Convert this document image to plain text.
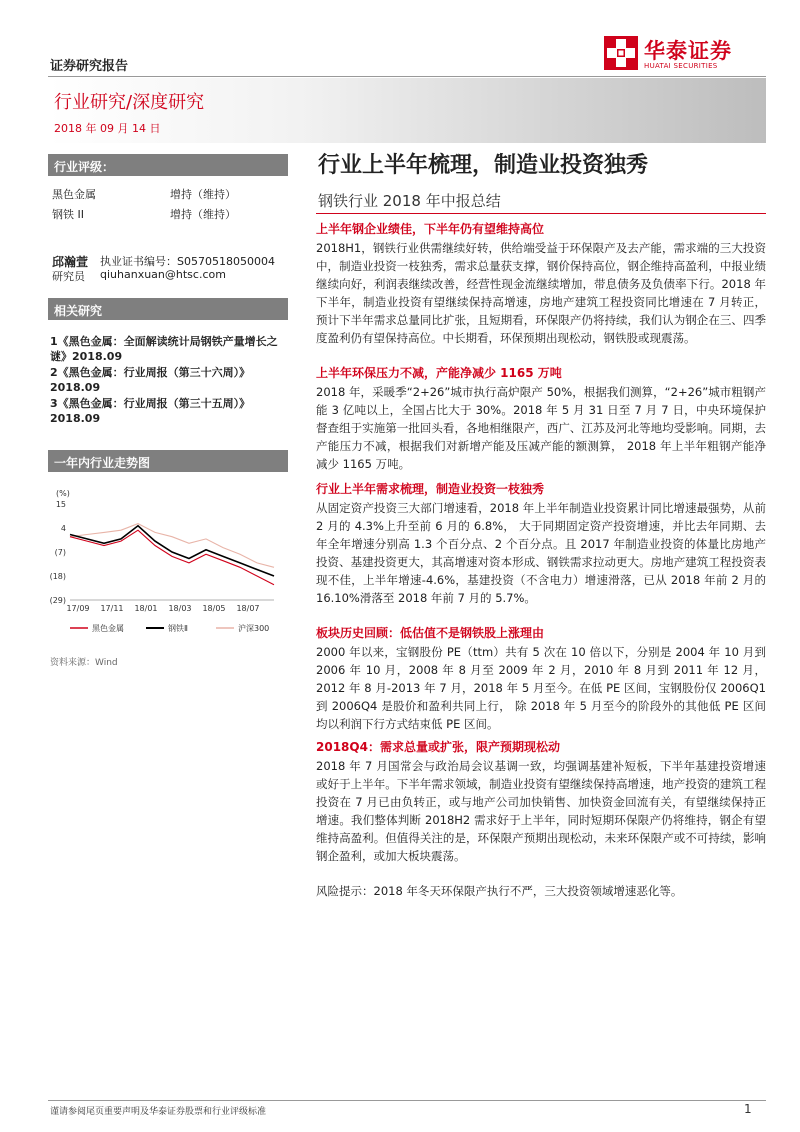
证券研究报告
华泰证券
HUATAI SECURITIES
行业研究/深度研究
2018 年 09 月 14 日
行业评级：
黑色金属	增持（维持）
钢铁 II	增持（维持）
邱瀚萱 执业证书编号：S0570518050004
研究员 qiuhanxuan@htsc.com
相关研究
1《黑色金属：全面解读统计局钢铁产量增长之谜》2018.09
2《黑色金属：行业周报（第三十六周）》2018.09
3《黑色金属：行业周报（第三十五周）》2018.09
一年内行业走势图
(%)
15
4
(7)
(18)
(29)
17/09 17/11 18/01 18/03 18/05 18/07
黑色金属	钢铁Ⅱ	沪深300
资料来源：Wind
行业上半年梳理，制造业投资独秀
钢铁行业 2018 年中报总结
上半年钢企业绩佳，下半年仍有望维持高位

2018H1，钢铁行业供需继续好转，供给端受益于环保限产及去产能，需求端的三大投资中，制造业投资一枝独秀，需求总量获支撑，钢价保持高位，钢企维持高盈利，中报业绩继续向好，利润表继续改善，经营性现金流继续增加，带息债务及负债率下行。2018 年下半年，制造业投资有望继续保持高增速，房地产建筑工程投资同比增速在 7 月转正，预计下半年需求总量同比扩张，且短期看，环保限产仍将持续，我们认为钢企在三、四季度盈利仍有望保持高位。中长期看，环保预期出现松动，钢铁股或现震荡。

上半年环保压力不减，产能净减少 1165 万吨

2018 年，采暖季“2+26”城市执行高炉限产 50%，根据我们测算，“2+26”城市粗钢产能 3 亿吨以上，全国占比大于 30%。2018 年 5 月 31 日至 7 月 7 日，中央环境保护督查组于实施第一批回头看，各地相继限产，西广、江苏及河北等地均受影响。同期，去产能压力不减，根据我们对新增产能及压减产能的额测算， 2018 年上半年粗钢产能净减少 1165 万吨。

行业上半年需求梳理，制造业投资一枝独秀

从固定资产投资三大部门增速看，2018 年上半年制造业投资累计同比增速最强势，从前 2 月的 4.3%上升至前 6 月的 6.8%， 大于同期固定资产投资增速，并比去年同期、去年全年增速分别高 1.3 个百分点、2 个百分点。且 2017 年制造业投资的体量比房地产投资、基建投资更大，其高增速对资本形成、钢铁需求拉动更大。房地产建筑工程投资表现不佳，上半年增速-4.6%，基建投资（不含电力）增速滑落，已从 2018 年前 2 月的 16.10%滑落至 2018 年前 7 月的 5.7%。

板块历史回顾：低估值不是钢铁股上涨理由

2000 年以来，宝钢股份 PE（ttm）共有 5 次在 10 倍以下，分别是 2004 年 10 月到 2006 年 10 月，2008 年 8 月至 2009 年 2 月，2010 年 8 月到 2011 年 12 月，2012 年 8 月-2013 年 7 月，2018 年 5 月至今。在低 PE 区间，宝钢股份仅 2006Q1 到 2006Q4 是股价和盈利共同上行， 除 2018 年 5 月至今的阶段外的其他低 PE 区间均以利润下行方式结束低 PE 区间。

2018Q4：需求总量或扩张，限产预期现松动

2018 年 7 月国常会与政治局会议基调一致，均强调基建补短板，下半年基建投资增速或好于上半年。下半年需求领域，制造业投资有望继续保持高增速，地产投资的建筑工程投资在 7 月已由负转正，或与地产公司加快销售、加快资金回流有关，有望继续保持正增速。我们整体判断 2018H2 需求好于上半年，同时短期环保限产仍将维持，钢企有望维持高盈利。但值得关注的是，环保限产预期出现松动，未来环保限产或不可持续，影响钢企盈利，或加大板块震荡。

风险提示：2018 年冬天环保限产执行不严，三大投资领域增速恶化等。

谨请参阅尾页重要声明及华泰证券股票和行业评级标准	1
